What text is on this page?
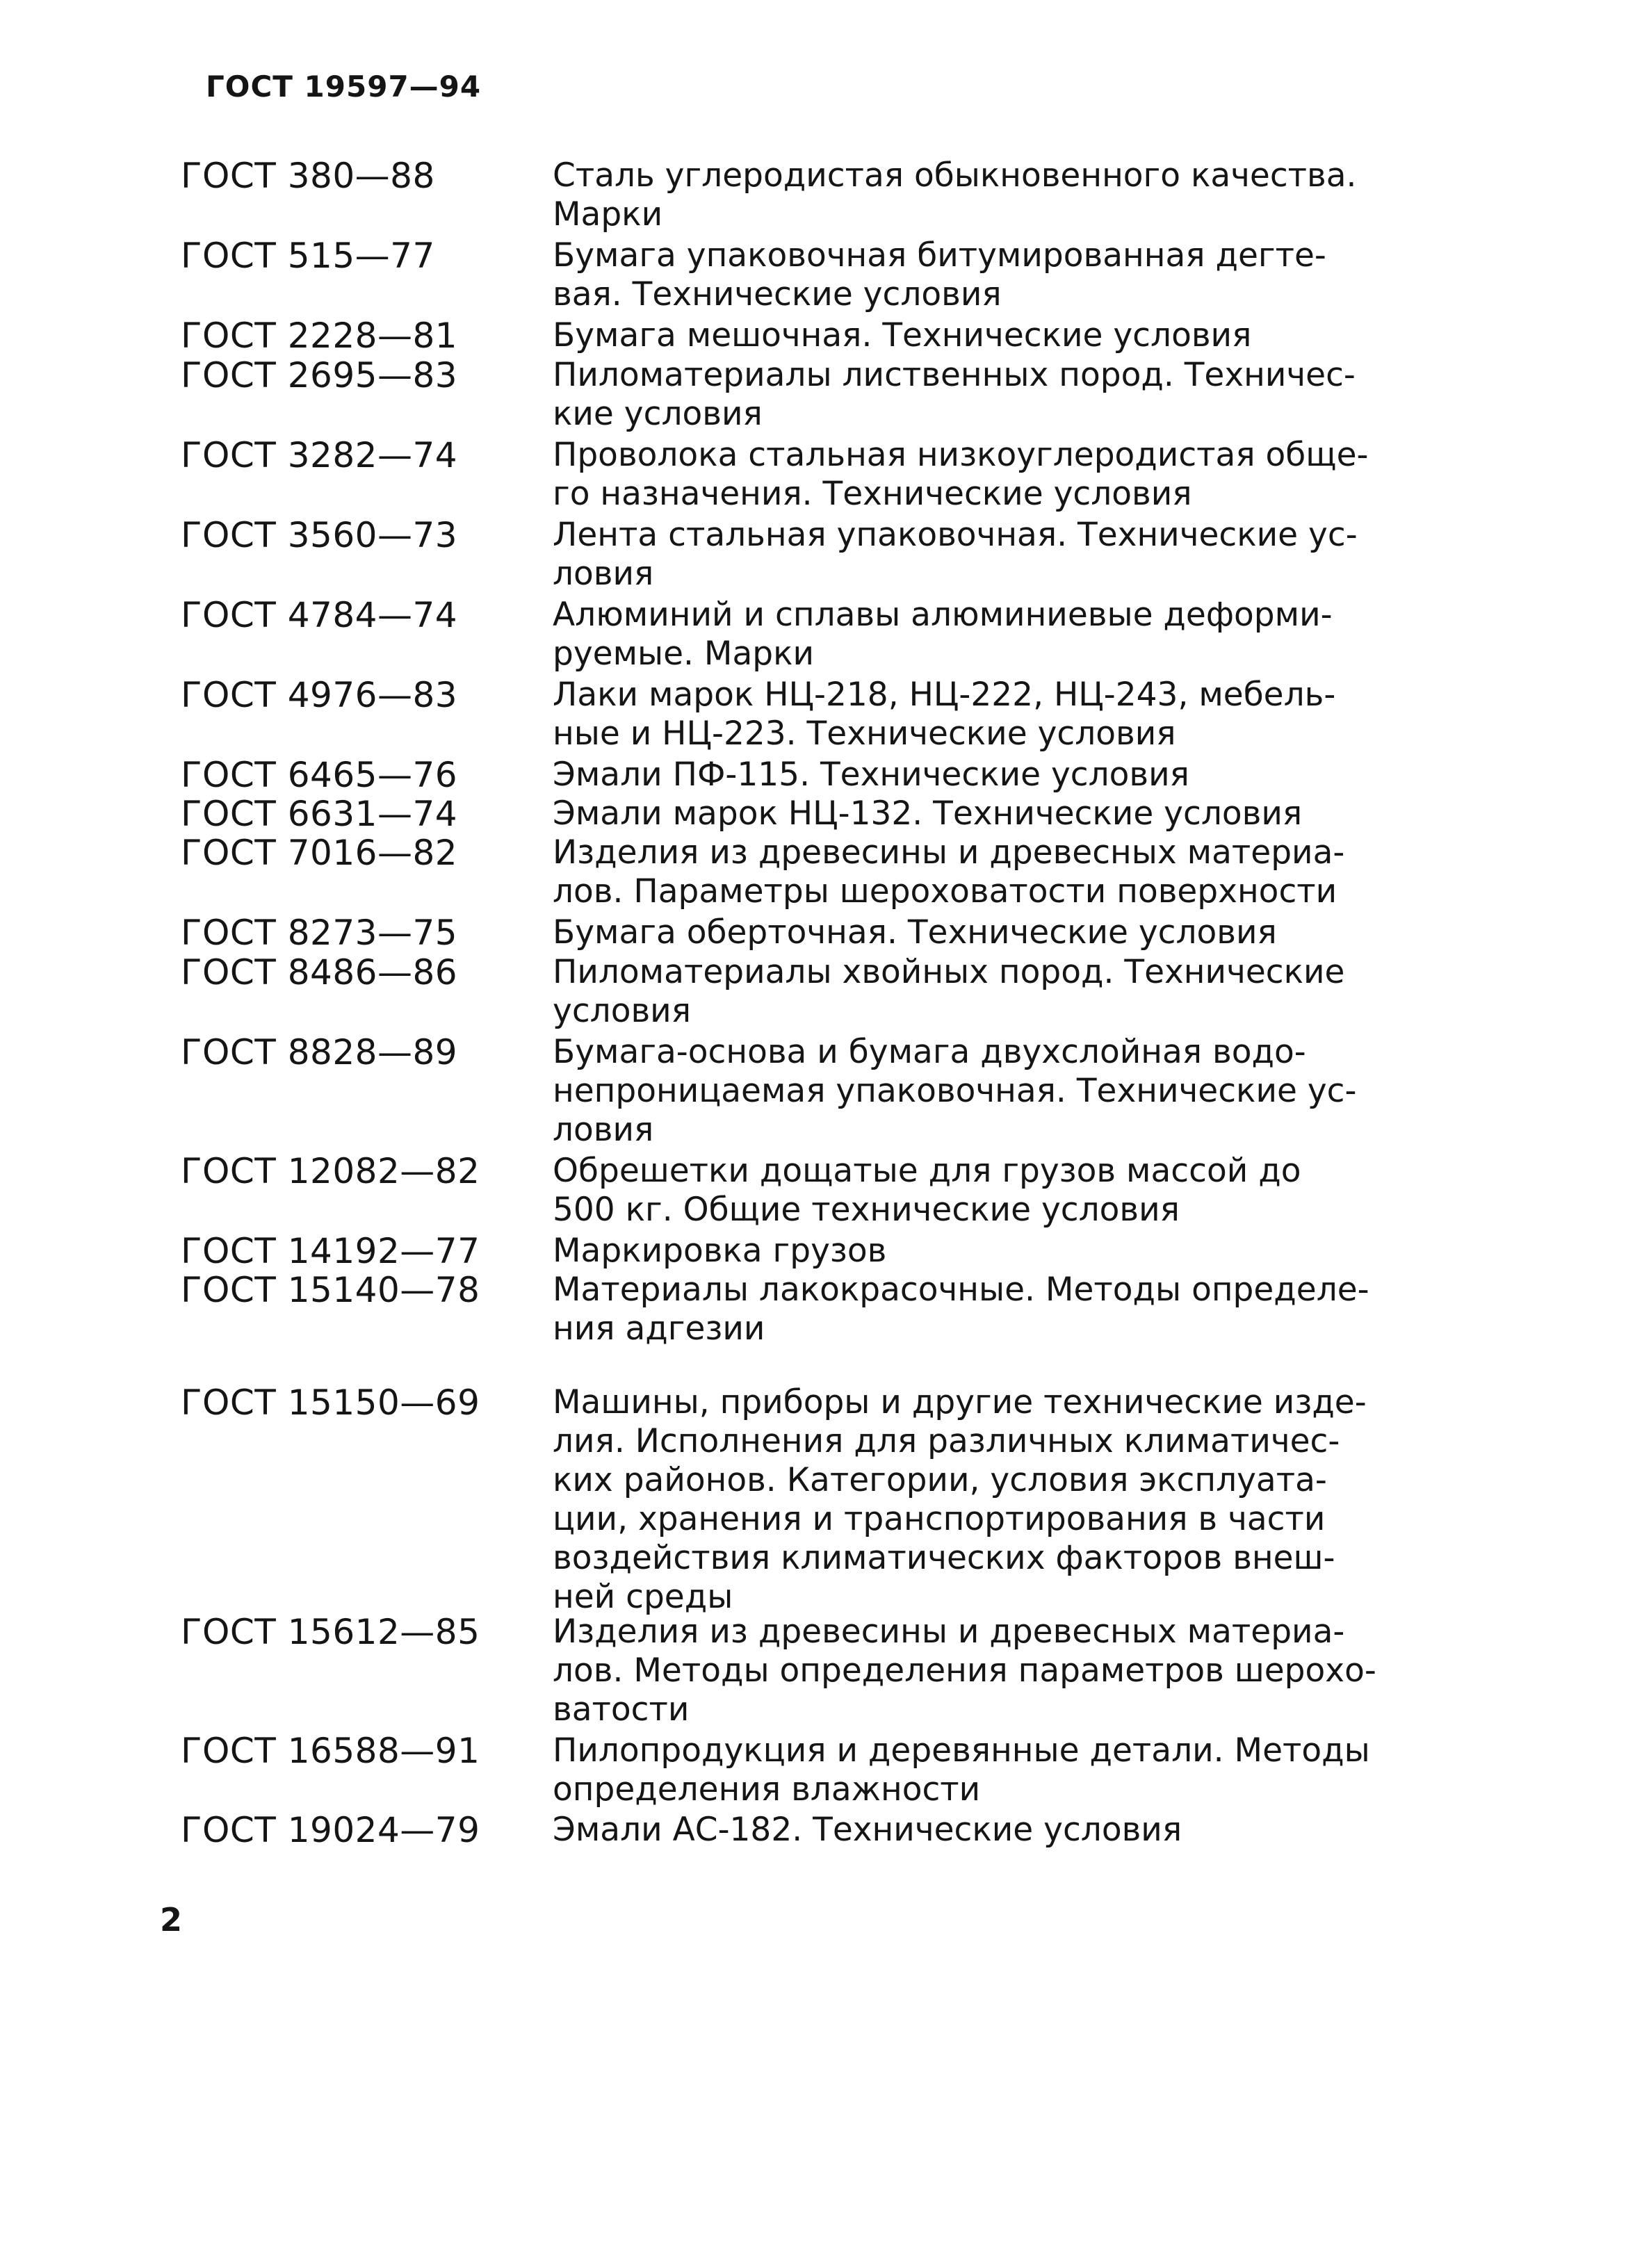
ГОСТ 19597—94
ГОСТ 380—88	Сталь углеродистая обыкновенного качества.
Марки
ГОСТ 515—77	Бумага упаковочная битумированная дегте-
вая. Технические условия
ГОСТ 2228—81	Бумага мешочная. Технические условия
ГОСТ 2695—83	Пиломатериалы лиственных пород. Техничес-
кие условия
ГОСТ 3282—74	Проволока стальная низкоуглеродистая обще-
го назначения. Технические условия
ГОСТ 3560—73	Лента стальная упаковочная. Технические ус-
ловия
ГОСТ 4784—74	Алюминий и сплавы алюминиевые деформи-
руемые. Марки
ГОСТ 4976—83	Лаки марок НЦ-218, НЦ-222, НЦ-243, мебель-
ные и НЦ-223. Технические условия
ГОСТ 6465—76	Эмали ПФ-115. Технические условия
ГОСТ 6631—74	Эмали марок НЦ-132. Технические условия
ГОСТ 7016—82	Изделия из древесины и древесных материа-
лов. Параметры шероховатости поверхности
ГОСТ 8273—75	Бумага оберточная. Технические условия
ГОСТ 8486—86	Пиломатериалы хвойных пород. Технические
условия
ГОСТ 8828—89	Бумага-основа и бумага двухслойная водо-
непроницаемая упаковочная. Технические ус-
ловия
ГОСТ 12082—82	Обрешетки дощатые для грузов массой до
500 кг. Общие технические условия
ГОСТ 14192—77	Маркировка грузов
ГОСТ 15140—78	Материалы лакокрасочные. Методы определе-
ния адгезии
ГОСТ 15150—69	Машины, приборы и другие технические изде-
лия. Исполнения для различных климатичес-
ких районов. Категории, условия эксплуата-
ции, хранения и транспортирования в части
воздействия климатических факторов внеш-
ней среды
ГОСТ 15612—85	Изделия из древесины и древесных материа-
лов. Методы определения параметров шерохо-
ватости
ГОСТ 16588—91	Пилопродукция и деревянные детали. Методы
определения влажности
ГОСТ 19024—79	Эмали АС-182. Технические условия
2
